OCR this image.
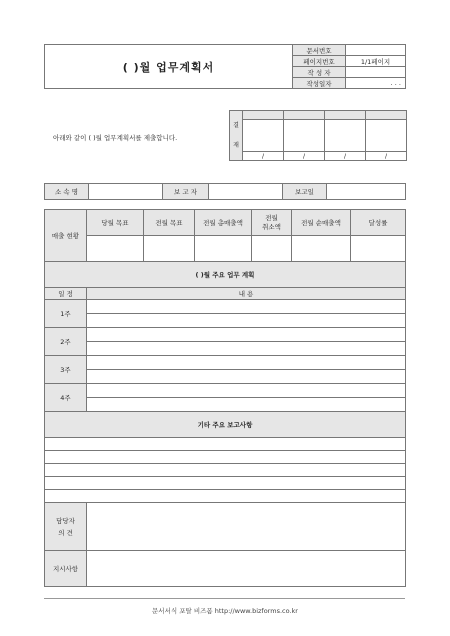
( )월 업무계획서	문서번호	
	페이지번호	1/1페이지
	작 성 자	
	작성일자	. . .
아래와 같이 ( )월 업무계획서를 제출합니다.
결
재				

	/	/	/	/
소 속 명		보 고 자		보고일	
매출 현황	당월 목표	전월 목표	전월 총매출액	전월
취소액	전월 순매출액	달성률

( )월 주요 업무 계획						
일 정	내 용					
1주						

2주						

3주						

4주						

기타 주요 보고사항						

담당자
의 견						
지시사항						
문서서식 포탈 비즈폼 http://www.bizforms.co.kr
